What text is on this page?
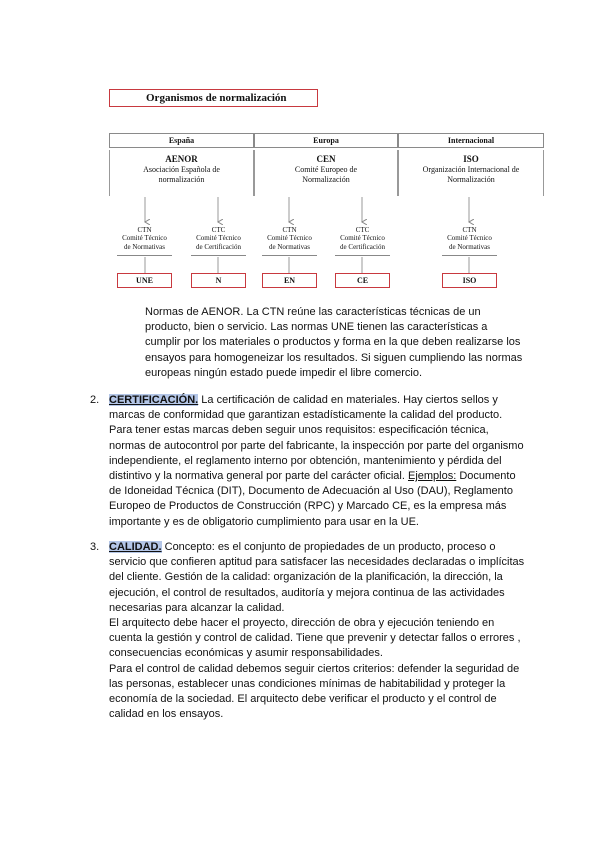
Organismos de normalización
España	Europa	Internacional
AENOR
Asociación Española de
normalización
CEN
Comité Europeo de
Normalización
ISO
Organización Internacional de
Normalización
CTN
Comité Técnico
de Normativas
CTC
Comité Técnico
de Certificación
CTN
Comité Técnico
de Normativas
CTC
Comité Técnico
de Certificación
CTN
Comité Técnico
de Normativas
UNE	N	EN	CE	ISO
Normas de AENOR. La CTN reúne las características técnicas de un
producto, bien o servicio. Las normas UNE tienen las características a
cumplir por los materiales o productos y forma en la que deben realizarse los
ensayos para homogeneizar los resultados. Si siguen cumpliendo las normas
europeas ningún estado puede impedir el libre comercio.
2. CERTIFICACIÓN. La certificación de calidad en materiales. Hay ciertos sellos y
marcas de conformidad que garantizan estadísticamente la calidad del producto.
Para tener estas marcas deben seguir unos requisitos: especificación técnica,
normas de autocontrol por parte del fabricante, la inspección por parte del organismo
independiente, el reglamento interno por obtención, mantenimiento y pérdida del
distintivo y la normativa general por parte del carácter oficial. Ejemplos: Documento
de Idoneidad Técnica (DIT), Documento de Adecuación al Uso (DAU), Reglamento
Europeo de Productos de Construcción (RPC) y Marcado CE, es la empresa más
importante y es de obligatorio cumplimiento para usar en la UE.
3. CALIDAD. Concepto: es el conjunto de propiedades de un producto, proceso o
servicio que confieren aptitud para satisfacer las necesidades declaradas o implícitas
del cliente. Gestión de la calidad: organización de la planificación, la dirección, la
ejecución, el control de resultados, auditoría y mejora continua de las actividades
necesarias para alcanzar la calidad.
El arquitecto debe hacer el proyecto, dirección de obra y ejecución teniendo en
cuenta la gestión y control de calidad. Tiene que prevenir y detectar fallos o errores ,
consecuencias económicas y asumir responsabilidades.
Para el control de calidad debemos seguir ciertos criterios: defender la seguridad de
las personas, establecer unas condiciones mínimas de habitabilidad y proteger la
economía de la sociedad. El arquitecto debe verificar el producto y el control de
calidad en los ensayos.
